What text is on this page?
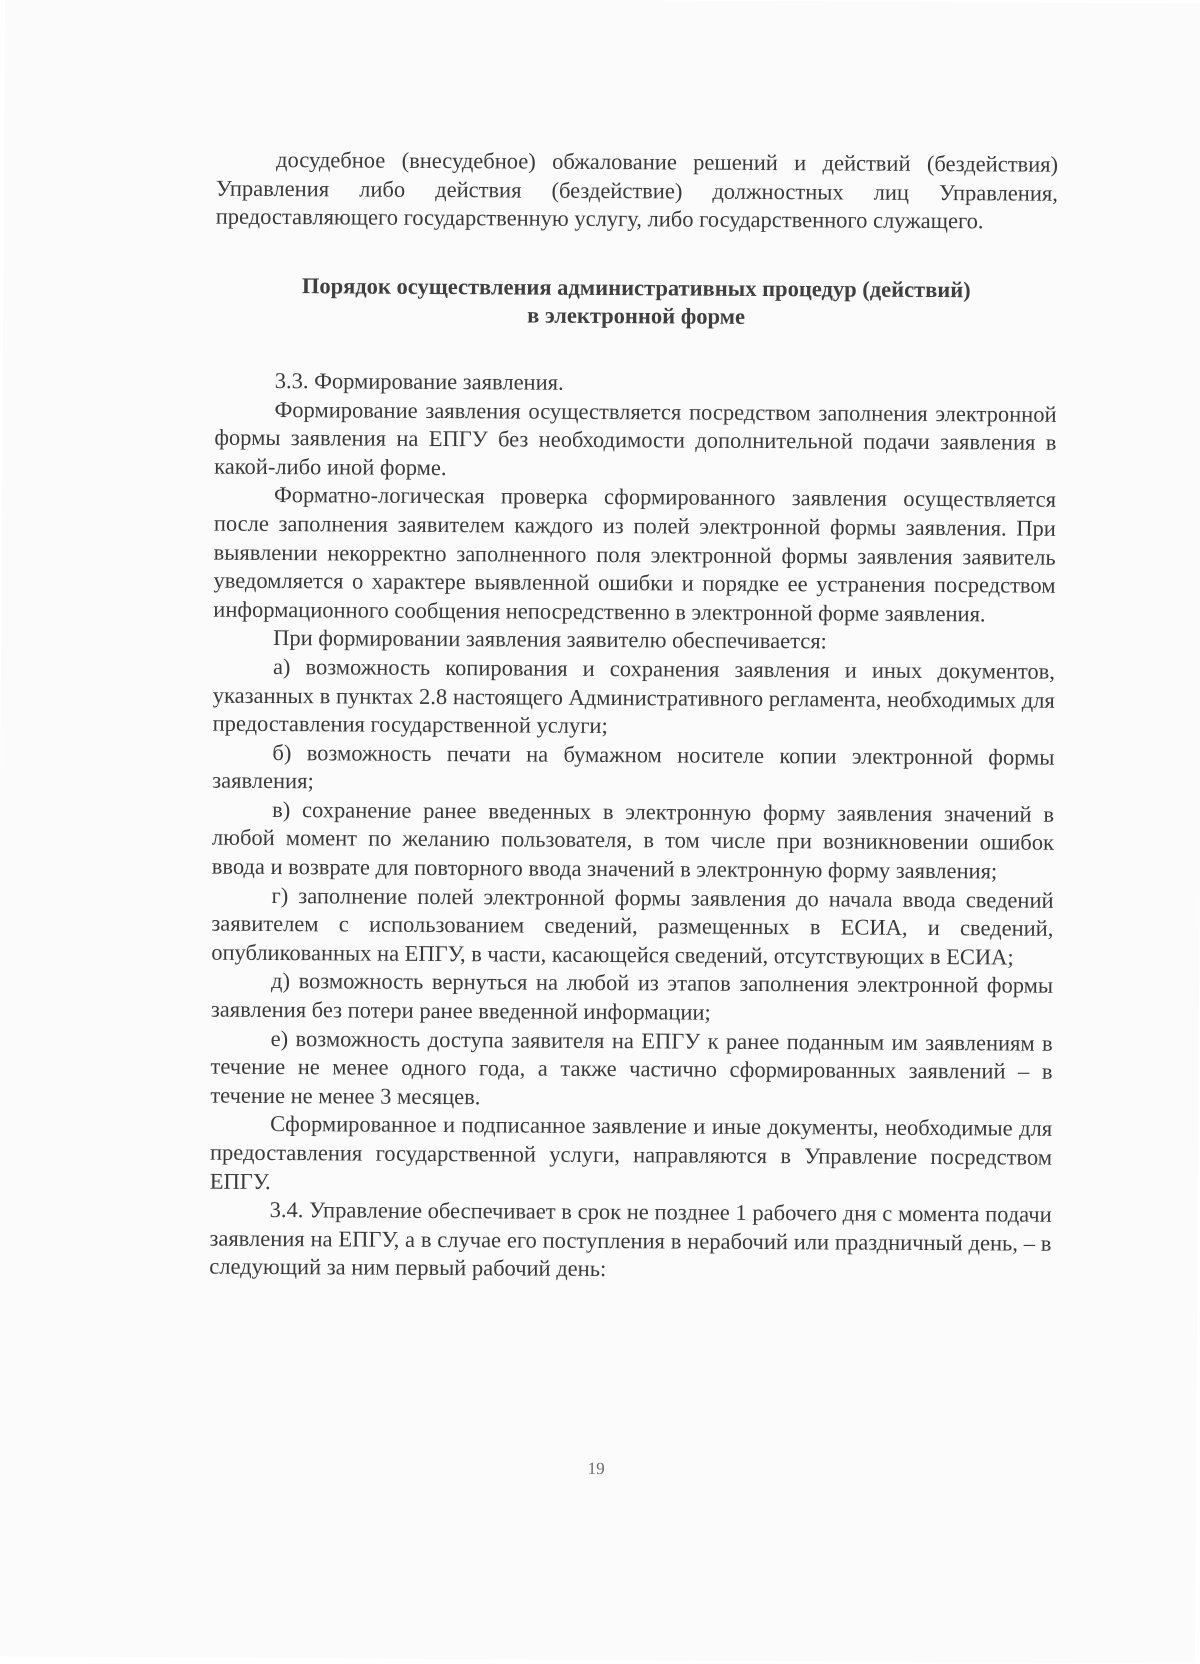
досудебное (внесудебное) обжалование решений и действий (бездействия) Управления либо действия (бездействие) должностных лиц Управления, предоставляющего государственную услугу, либо государственного служащего.

Порядок осуществления административных процедур (действий)
в электронной форме

3.3. Формирование заявления.

Формирование заявления осуществляется посредством заполнения электронной формы заявления на ЕПГУ без необходимости дополнительной подачи заявления в какой-либо иной форме.

Форматно-логическая проверка сформированного заявления осуществляется после заполнения заявителем каждого из полей электронной формы заявления. При выявлении некорректно заполненного поля электронной формы заявления заявитель уведомляется о характере выявленной ошибки и порядке ее устранения посредством информационного сообщения непосредственно в электронной форме заявления.

При формировании заявления заявителю обеспечивается:

а) возможность копирования и сохранения заявления и иных документов, указанных в пунктах 2.8 настоящего Административного регламента, необходимых для предоставления государственной услуги;

б) возможность печати на бумажном носителе копии электронной формы заявления;

в) сохранение ранее введенных в электронную форму заявления значений в любой момент по желанию пользователя, в том числе при возникновении ошибок ввода и возврате для повторного ввода значений в электронную форму заявления;

г) заполнение полей электронной формы заявления до начала ввода сведений заявителем с использованием сведений, размещенных в ЕСИА, и сведений, опубликованных на ЕПГУ, в части, касающейся сведений, отсутствующих в ЕСИА;

д) возможность вернуться на любой из этапов заполнения электронной формы заявления без потери ранее введенной информации;

е) возможность доступа заявителя на ЕПГУ к ранее поданным им заявлениям в течение не менее одного года, а также частично сформированных заявлений – в течение не менее 3 месяцев.

Сформированное и подписанное заявление и иные документы, необходимые для предоставления государственной услуги, направляются в Управление посредством ЕПГУ.

3.4. Управление обеспечивает в срок не позднее 1 рабочего дня с момента подачи заявления на ЕПГУ, а в случае его поступления в нерабочий или праздничный день, – в следующий за ним первый рабочий день:

19
